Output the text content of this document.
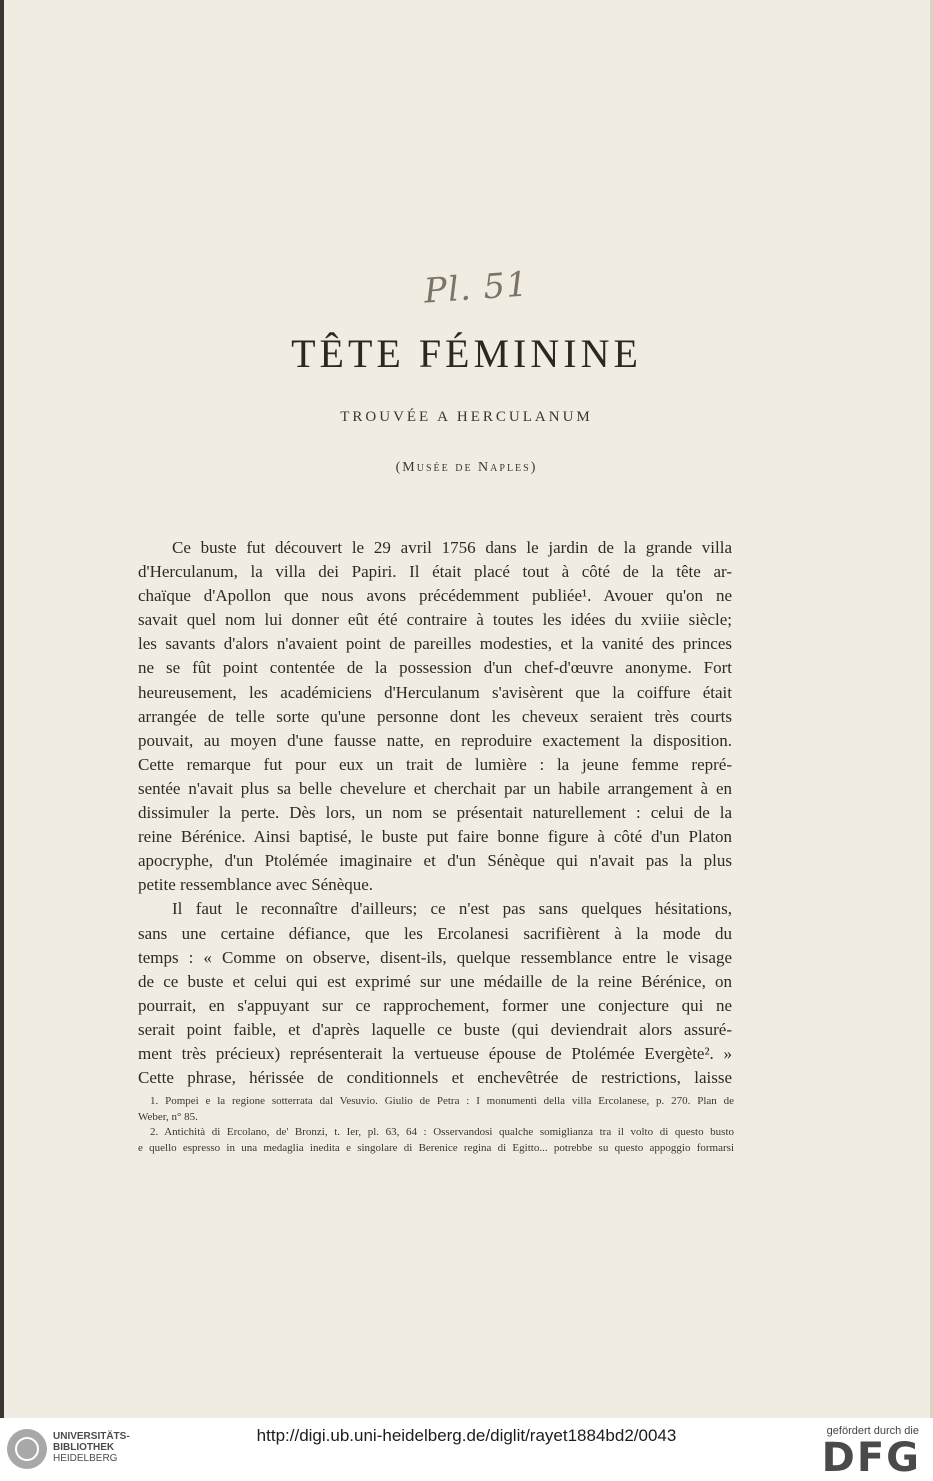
Pl. 51
TÊTE FÉMININE
TROUVÉE A HERCULANUM
(Musée de Naples)
Ce buste fut découvert le 29 avril 1756 dans le jardin de la grande villa
d'Herculanum, la villa dei Papiri. Il était placé tout à côté de la tête ar-
chaïque d'Apollon que nous avons précédemment publiée¹. Avouer qu'on ne
savait quel nom lui donner eût été contraire à toutes les idées du xviiie siècle;
les savants d'alors n'avaient point de pareilles modesties, et la vanité des princes
ne se fût point contentée de la possession d'un chef-d'œuvre anonyme. Fort
heureusement, les académiciens d'Herculanum s'avisèrent que la coiffure était
arrangée de telle sorte qu'une personne dont les cheveux seraient très courts
pouvait, au moyen d'une fausse natte, en reproduire exactement la disposition.
Cette remarque fut pour eux un trait de lumière : la jeune femme repré-
sentée n'avait plus sa belle chevelure et cherchait par un habile arrangement à en
dissimuler la perte. Dès lors, un nom se présentait naturellement : celui de la
reine Bérénice. Ainsi baptisé, le buste put faire bonne figure à côté d'un Platon
apocryphe, d'un Ptolémée imaginaire et d'un Sénèque qui n'avait pas la plus
petite ressemblance avec Sénèque.
Il faut le reconnaître d'ailleurs; ce n'est pas sans quelques hésitations,
sans une certaine défiance, que les Ercolanesi sacrifièrent à la mode du
temps : « Comme on observe, disent-ils, quelque ressemblance entre le visage
de ce buste et celui qui est exprimé sur une médaille de la reine Bérénice, on
pourrait, en s'appuyant sur ce rapprochement, former une conjecture qui ne
serait point faible, et d'après laquelle ce buste (qui deviendrait alors assuré-
ment très précieux) représenterait la vertueuse épouse de Ptolémée Evergète². »
Cette phrase, hérissée de conditionnels et enchevêtrée de restrictions, laisse
1. Pompei e la regione sotterrata dal Vesuvio. Giulio de Petra : I monumenti della villa Ercolanese, p. 270. Plan de
Weber, n° 85.
2. Antichità di Ercolano, de' Bronzi, t. Ier, pl. 63, 64 : Osservandosi qualche somiglianza tra il volto di questo busto
e quello espresso in una medaglia inedita e singolare di Berenice regina di Egitto... potrebbe su questo appoggio formarsi
UNIVERSITÄTS-
BIBLIOTHEK
HEIDELBERG
http://digi.ub.uni-heidelberg.de/diglit/rayet1884bd2/0043	gefördert durch die
DFG
